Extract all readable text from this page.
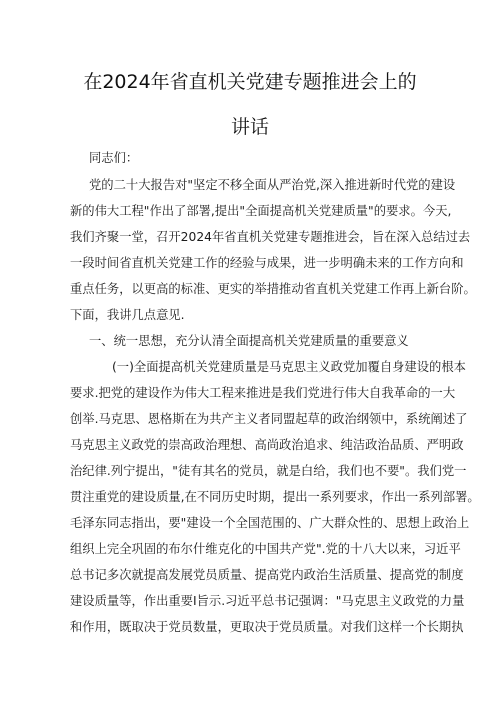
在2024年省直机关党建专题推进会上的
讲话
同志们：
党的二十大报告对"坚定不移全面从严治党,深入推进新时代党的建设
新的伟大工程"作出了部署,提出"全面提高机关党建质量"的要求。今天,
我们齐聚一堂，召开2024年省直机关党建专题推进会，旨在深入总结过去
一段时间省直机关党建工作的经验与成果，进一步明确未来的工作方向和
重点任务，以更高的标准、更实的举措推动省直机关党建工作再上新台阶。
下面，我讲几点意见.
一、统一思想，充分认清全面提高机关党建质量的重要意义
(一)全面提高机关党建质量是马克思主义政党加覆自身建设的根本
要求.把党的建设作为伟大工程来推进是我们党进行伟大自我革命的一大
创举.马克思、恩格斯在为共产主义者同盟起草的政治纲领中，系统阐述了
马克思主义政党的崇高政治理想、高尚政治追求、纯洁政治品质、严明政
治纪律.列宁提出，"徒有其名的党员，就是白给，我们也不要"。我们党一
贯注重党的建设质量,在不同历史时期，提出一系列要求，作出一系列部署。
毛泽东同志指出，要"建设一个全国范围的、广大群众性的、思想上政治上
组织上完全巩固的布尔什维克化的中国共产党".党的十八大以来，习近平
总书记多次就提高发展党员质量、提高党内政治生活质量、提高党的制度
建设质量等，作出重要I旨示.习近平总书记强调："马克思主义政党的力量
和作用，既取决于党员数量，更取决于党员质量。对我们这样一个长期执
